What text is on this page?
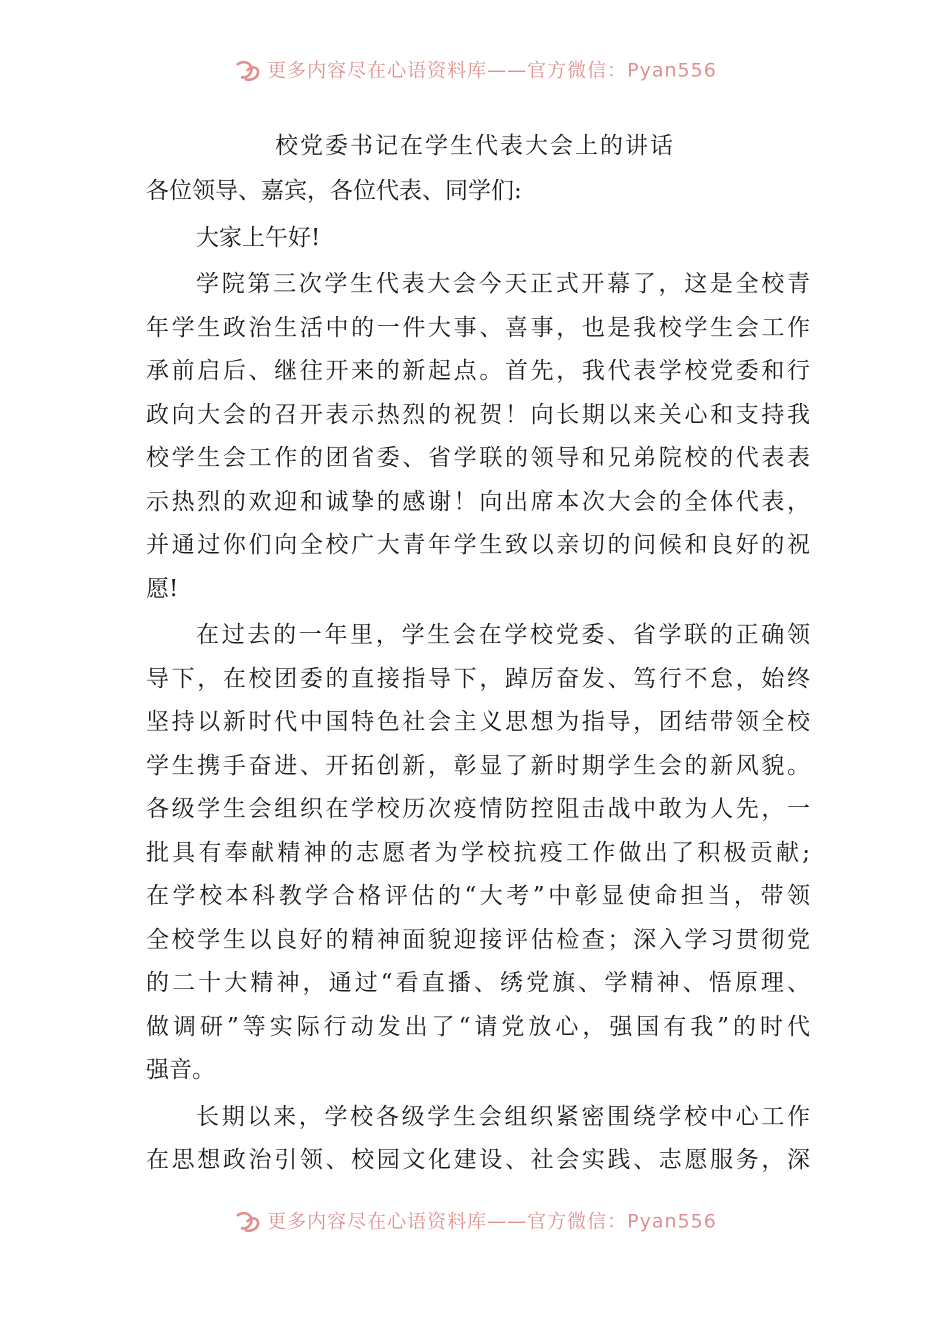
更多内容尽在心语资料库——官方微信：Pyan556
校党委书记在学生代表大会上的讲话
各位领导、嘉宾，各位代表、同学们:
大家上午好!
学院第三次学生代表大会今天正式开幕了，这是全校青
年学生政治生活中的一件大事、喜事，也是我校学生会工作
承前启后、继往开来的新起点。首先，我代表学校党委和行
政向大会的召开表示热烈的祝贺！向长期以来关心和支持我
校学生会工作的团省委、省学联的领导和兄弟院校的代表表
示热烈的欢迎和诚挚的感谢！向出席本次大会的全体代表，
并通过你们向全校广大青年学生致以亲切的问候和良好的祝
愿!
在过去的一年里，学生会在学校党委、省学联的正确领
导下，在校团委的直接指导下，踔厉奋发、笃行不怠，始终
坚持以新时代中国特色社会主义思想为指导，团结带领全校
学生携手奋进、开拓创新，彰显了新时期学生会的新风貌。
各级学生会组织在学校历次疫情防控阻击战中敢为人先，一
批具有奉献精神的志愿者为学校抗疫工作做出了积极贡献;
在学校本科教学合格评估的“大考”中彰显使命担当，带领
全校学生以良好的精神面貌迎接评估检查；深入学习贯彻党
的二十大精神，通过“看直播、绣党旗、学精神、悟原理、
做调研”等实际行动发出了“请党放心，强国有我”的时代
强音。
长期以来，学校各级学生会组织紧密围绕学校中心工作
在思想政治引领、校园文化建设、社会实践、志愿服务，深
更多内容尽在心语资料库——官方微信：Pyan556
